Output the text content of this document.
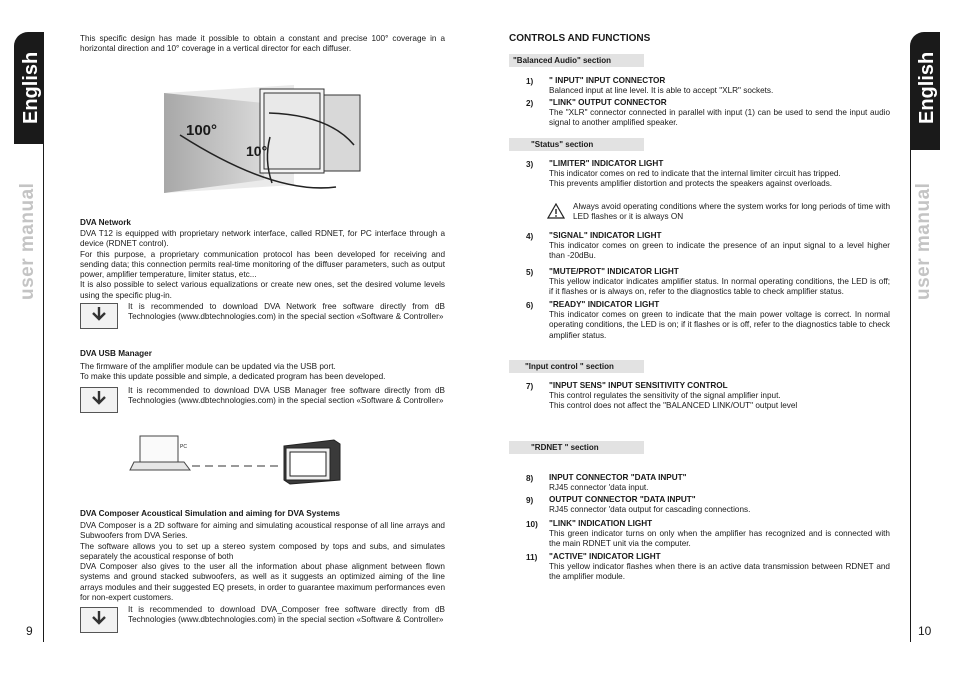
English
user manual
9
English
user manual
10

This specific design has made it possible to obtain a constant and precise 100° coverage in a horizontal direction and 10° coverage in a vertical director for each diffuser.

100°
10°
DVA Network

DVA T12 is equipped with proprietary network interface, called RDNET, for PC interface through a device (RDNET control).

For this purpose, a proprietary communication protocol has been developed for receiving and sending data; this connection permits real-time monitoring of the diffuser parameters, such as output power, amplifier temperature, limiter status, etc...

It is also possible to select various equalizations or create new ones, set the desired volume levels using the specific plug-in.

It is recommended to download DVA Network free software directly from dB Technologies (www.dbtechnologies.com) in the special section «Software & Controller»

DVA USB Manager

The firmware of the amplifier module can be updated via the USB port.

To make this update possible and simple, a dedicated program has been developed.

It is recommended to download DVA USB Manager free software directly from dB Technologies (www.dbtechnologies.com) in the special section «Software & Controller»

PC
DVA Composer Acoustical Simulation and aiming for DVA Systems

DVA Composer is a 2D software for aiming and simulating acoustical response of all line arrays and Subwoofers from DVA Series.

The software allows you to set up a stereo system composed by tops and subs, and simulates separately the acoustical response of both

DVA Composer also gives to the user all the information about phase alignment between flown systems and ground stacked subwoofers, as well as it suggests an optimized aiming of the line arrays modules and their suggested EQ presets, in order to guarantee maximum performances even for non-expert customers.

It is recommended to download DVA_Composer free software directly from dB Technologies (www.dbtechnologies.com) in the special section «Software & Controller»

CONTROLS AND FUNCTIONS
"Balanced Audio" section
1) " INPUT" INPUT CONNECTOR
Balanced input at line level. It is able to accept "XLR" sockets.
2) "LINK" OUTPUT CONNECTOR
The "XLR" connector connected in parallel with input (1) can be used to send the input audio signal to another amplified speaker.
"Status" section
3) "LIMITER" INDICATOR LIGHT
This indicator comes on red to indicate that the internal limiter circuit has tripped.
This prevents amplifier distortion and protects the speakers against overloads.

Always avoid operating conditions where the system works for long periods of time with LED flashes or it is always ON

4) "SIGNAL" INDICATOR LIGHT
This indicator comes on green to indicate the presence of an input signal to a level higher than -20dBu.
5) "MUTE/PROT" INDICATOR LIGHT
This yellow indicator indicates amplifier status. In normal operating conditions, the LED is off; if it flashes or is always on, refer to the diagnostics table to check amplifier status.
6) "READY" INDICATOR LIGHT
This indicator comes on green to indicate that the main power voltage is correct. In normal operating conditions, the LED is on; if it flashes or is off, refer to the diagnostics table to check amplifier status.
"Input control " section
7) "INPUT SENS" INPUT SENSITIVITY CONTROL
This control regulates the sensitivity of the signal amplifier input.
This control does not affect the "BALANCED LINK/OUT" output level
"RDNET " section
8) INPUT CONNECTOR "DATA INPUT"
RJ45 connector 'data input.
9) OUTPUT CONNECTOR "DATA INPUT"
RJ45 connector 'data output for cascading connections.
10) "LINK" INDICATION LIGHT
This green indicator turns on only when the amplifier has recognized and is connected with the main RDNET unit via the computer.
11) "ACTIVE" INDICATOR LIGHT
This yellow indicator flashes when there is an active data transmission between RDNET and the amplifier module.
